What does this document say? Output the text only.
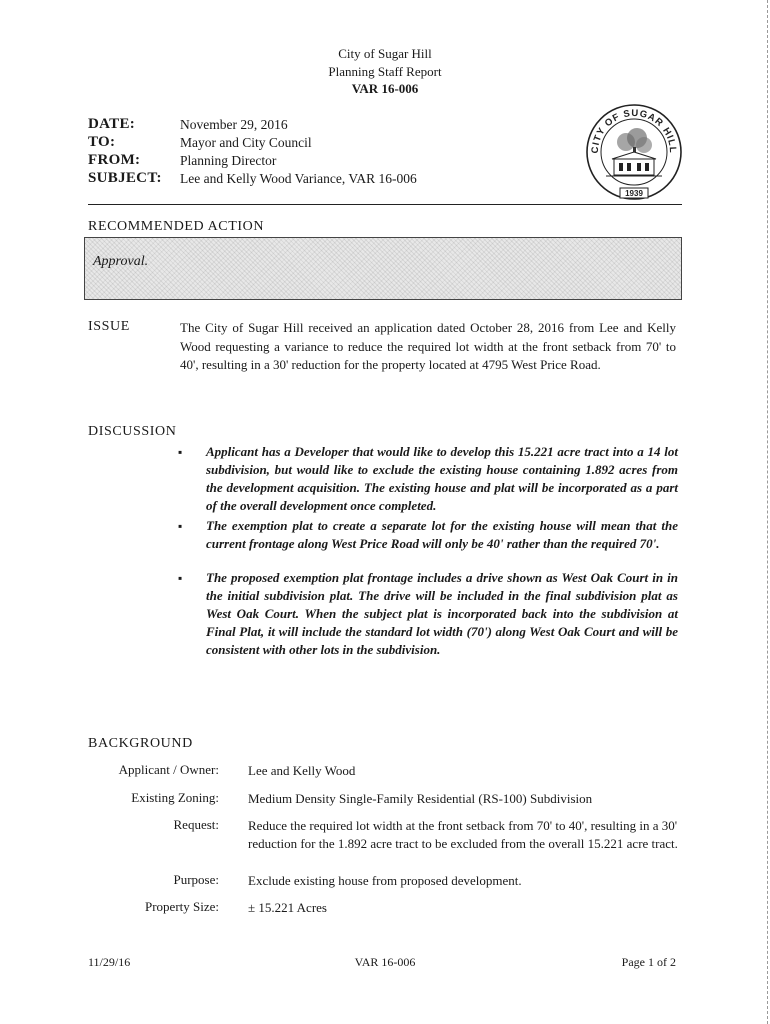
City of Sugar Hill
Planning Staff Report
VAR 16-006
DATE:	November 29, 2016
TO:	Mayor and City Council
FROM:	Planning Director
SUBJECT: Lee and Kelly Wood Variance, VAR 16-006
CITY OF SUGAR HILL
1939
RECOMMENDED ACTION
Approval.
ISSUE	The City of Sugar Hill received an application dated October 28, 2016 from Lee and Kelly Wood requesting a variance to reduce the required lot width at the front setback from 70' to 40', resulting in a 30' reduction for the property located at 4795 West Price Road.
DISCUSSION
▪ Applicant has a Developer that would like to develop this 15.221 acre tract into a 14 lot subdivision, but would like to exclude the existing house containing 1.892 acres from the development acquisition. The existing house and plat will be incorporated as a part of the overall development once completed.
▪ The exemption plat to create a separate lot for the existing house will mean that the current frontage along West Price Road will only be 40' rather than the required 70'.
▪ The proposed exemption plat frontage includes a drive shown as West Oak Court in in the initial subdivision plat. The drive will be included in the final subdivision plat as West Oak Court. When the subject plat is incorporated back into the subdivision at Final Plat, it will include the standard lot width (70') along West Oak Court and will be consistent with other lots in the subdivision.
BACKGROUND
Applicant / Owner: Lee and Kelly Wood
Existing Zoning: Medium Density Single-Family Residential (RS-100) Subdivision
Request: Reduce the required lot width at the front setback from 70' to 40', resulting in a 30' reduction for the 1.892 acre tract to be excluded from the overall 15.221 acre tract.
Purpose: Exclude existing house from proposed development.
Property Size: ± 15.221 Acres
11/29/16	VAR 16-006	Page 1 of 2
